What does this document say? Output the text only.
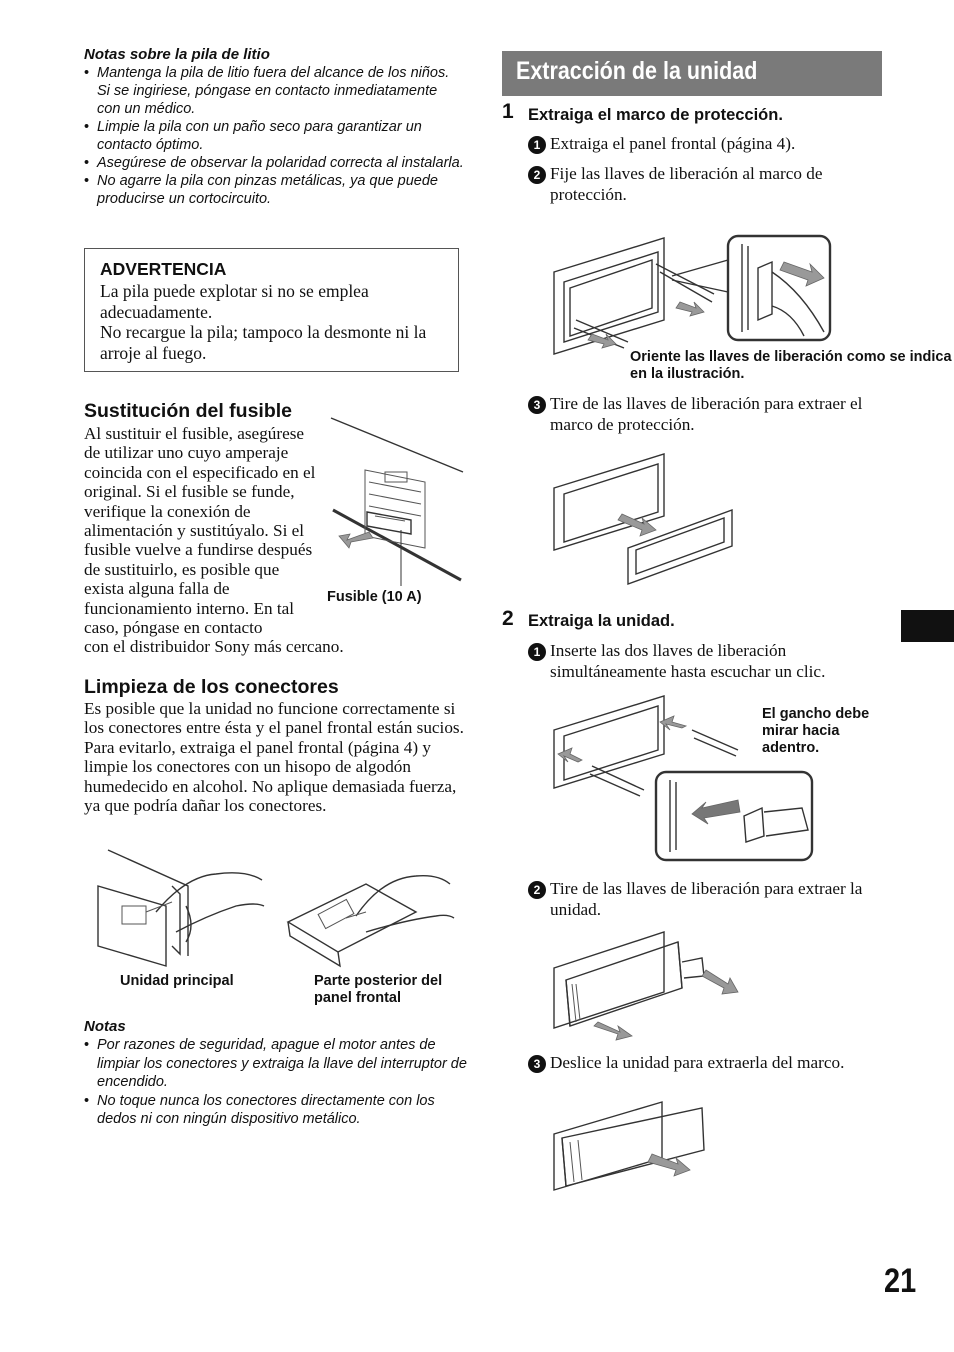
Notas sobre la pila de litio
• Mantenga la pila de litio fuera del alcance de los niños. Si se ingiriese, póngase en contacto inmediatamente con un médico.
• Limpie la pila con un paño seco para garantizar un contacto óptimo.
• Asegúrese de observar la polaridad correcta al instalarla.
• No agarre la pila con pinzas metálicas, ya que puede producirse un cortocircuito.
ADVERTENCIA

La pila puede explotar si no se emplea adecuadamente.

No recargue la pila; tampoco la desmonte ni la arroje al fuego.

Sustitución del fusible
Al sustituir el fusible, asegúrese de utilizar uno cuyo amperaje coincida con el especificado en el original. Si el fusible se funde, verifique la conexión de alimentación y sustitúyalo. Si el fusible vuelve a fundirse después de sustituirlo, es posible que exista alguna falla de funcionamiento interno. En tal caso, póngase en contacto
con el distribuidor Sony más cercano.
Fusible (10 A)
Limpieza de los conectores
Es posible que la unidad no funcione correctamente si los conectores entre ésta y el panel frontal están sucios. Para evitarlo, extraiga el panel frontal (página 4) y limpie los conectores con un hisopo de algodón humedecido en alcohol. No aplique demasiada fuerza, ya que podría dañar los conectores.
Unidad principal	Parte posterior del panel frontal
Notas
• Por razones de seguridad, apague el motor antes de limpiar los conectores y extraiga la llave del interruptor de encendido.
• No toque nunca los conectores directamente con los dedos ni con ningún dispositivo metálico.
Extracción de la unidad
1 Extraiga el marco de protección.
1 Extraiga el panel frontal (página 4).
2 Fije las llaves de liberación al marco de protección.
Oriente las llaves de liberación como se indica en la ilustración.
3 Tire de las llaves de liberación para extraer el marco de protección.
2 Extraiga la unidad.
1 Inserte las dos llaves de liberación simultáneamente hasta escuchar un clic.
El gancho debe mirar hacia adentro.
2 Tire de las llaves de liberación para extraer la unidad.
3 Deslice la unidad para extraerla del marco.
21
